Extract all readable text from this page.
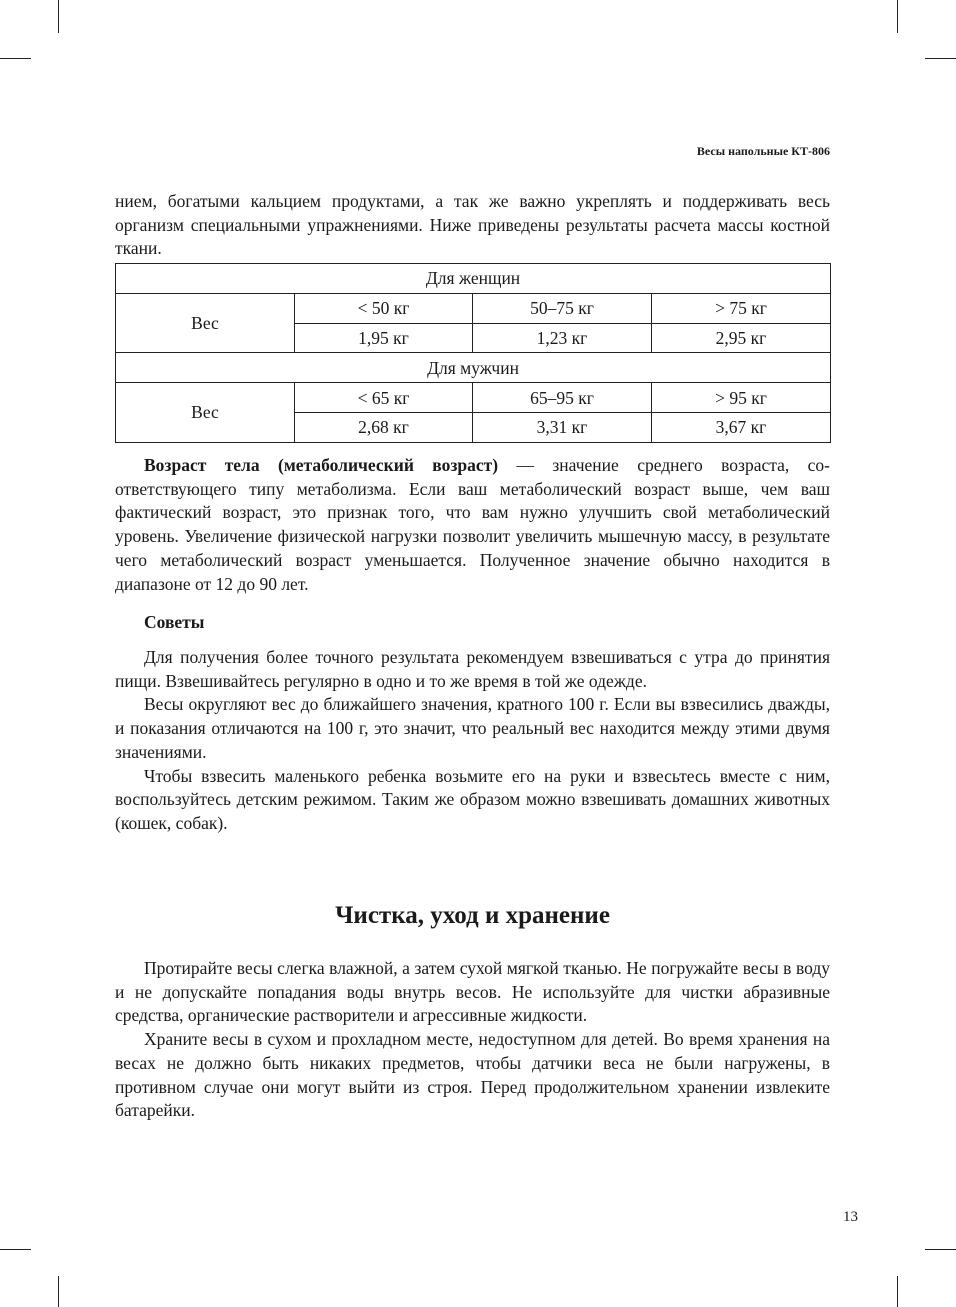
Весы напольные КТ-806

нием, богатыми кальцием продуктами, а так же важно укреплять и поддерживать весь организм специальными упражнениями. Ниже приведены результаты расчета массы костной ткани.

Для женщин			
Вес	< 50 кг	50–75 кг	> 75 кг
	1,95 кг	1,23 кг	2,95 кг
Для мужчин			
Вес	< 65 кг	65–95 кг	> 95 кг
	2,68 кг	3,31 кг	3,67 кг

Возраст тела (метаболический возраст) — значение среднего возраста, соответствующего типу метаболизма. Если ваш метаболический возраст выше, чем ваш фактический возраст, это признак того, что вам нужно улучшить свой метаболический уровень. Увеличение физической нагрузки позволит увеличить мышечную массу, в результате чего метаболический возраст уменьшается. Полученное значение обычно находится в диапазоне от 12 до 90 лет.

Советы

Для получения более точного результата рекомендуем взвешиваться с утра до принятия пищи. Взвешивайтесь регулярно в одно и то же время в той же одежде.

Весы округляют вес до ближайшего значения, кратного 100 г. Если вы взвесились дважды, и показания отличаются на 100 г, это значит, что реальный вес находится между этими двумя значениями.

Чтобы взвесить маленького ребенка возьмите его на руки и взвесьтесь вместе с ним, воспользуйтесь детским режимом. Таким же образом можно взвешивать домашних животных (кошек, собак).

Чистка, уход и хранение

Протирайте весы слегка влажной, а затем сухой мягкой тканью. Не погружайте весы в воду и не допускайте попадания воды внутрь весов. Не используйте для чистки абразивные средства, органические растворители и агрессивные жидкости.

Храните весы в сухом и прохладном месте, недоступном для детей. Во время хранения на весах не должно быть никаких предметов, чтобы датчики веса не были нагружены, в противном случае они могут выйти из строя. Перед продолжительном хранении извлеките батарейки.

13
